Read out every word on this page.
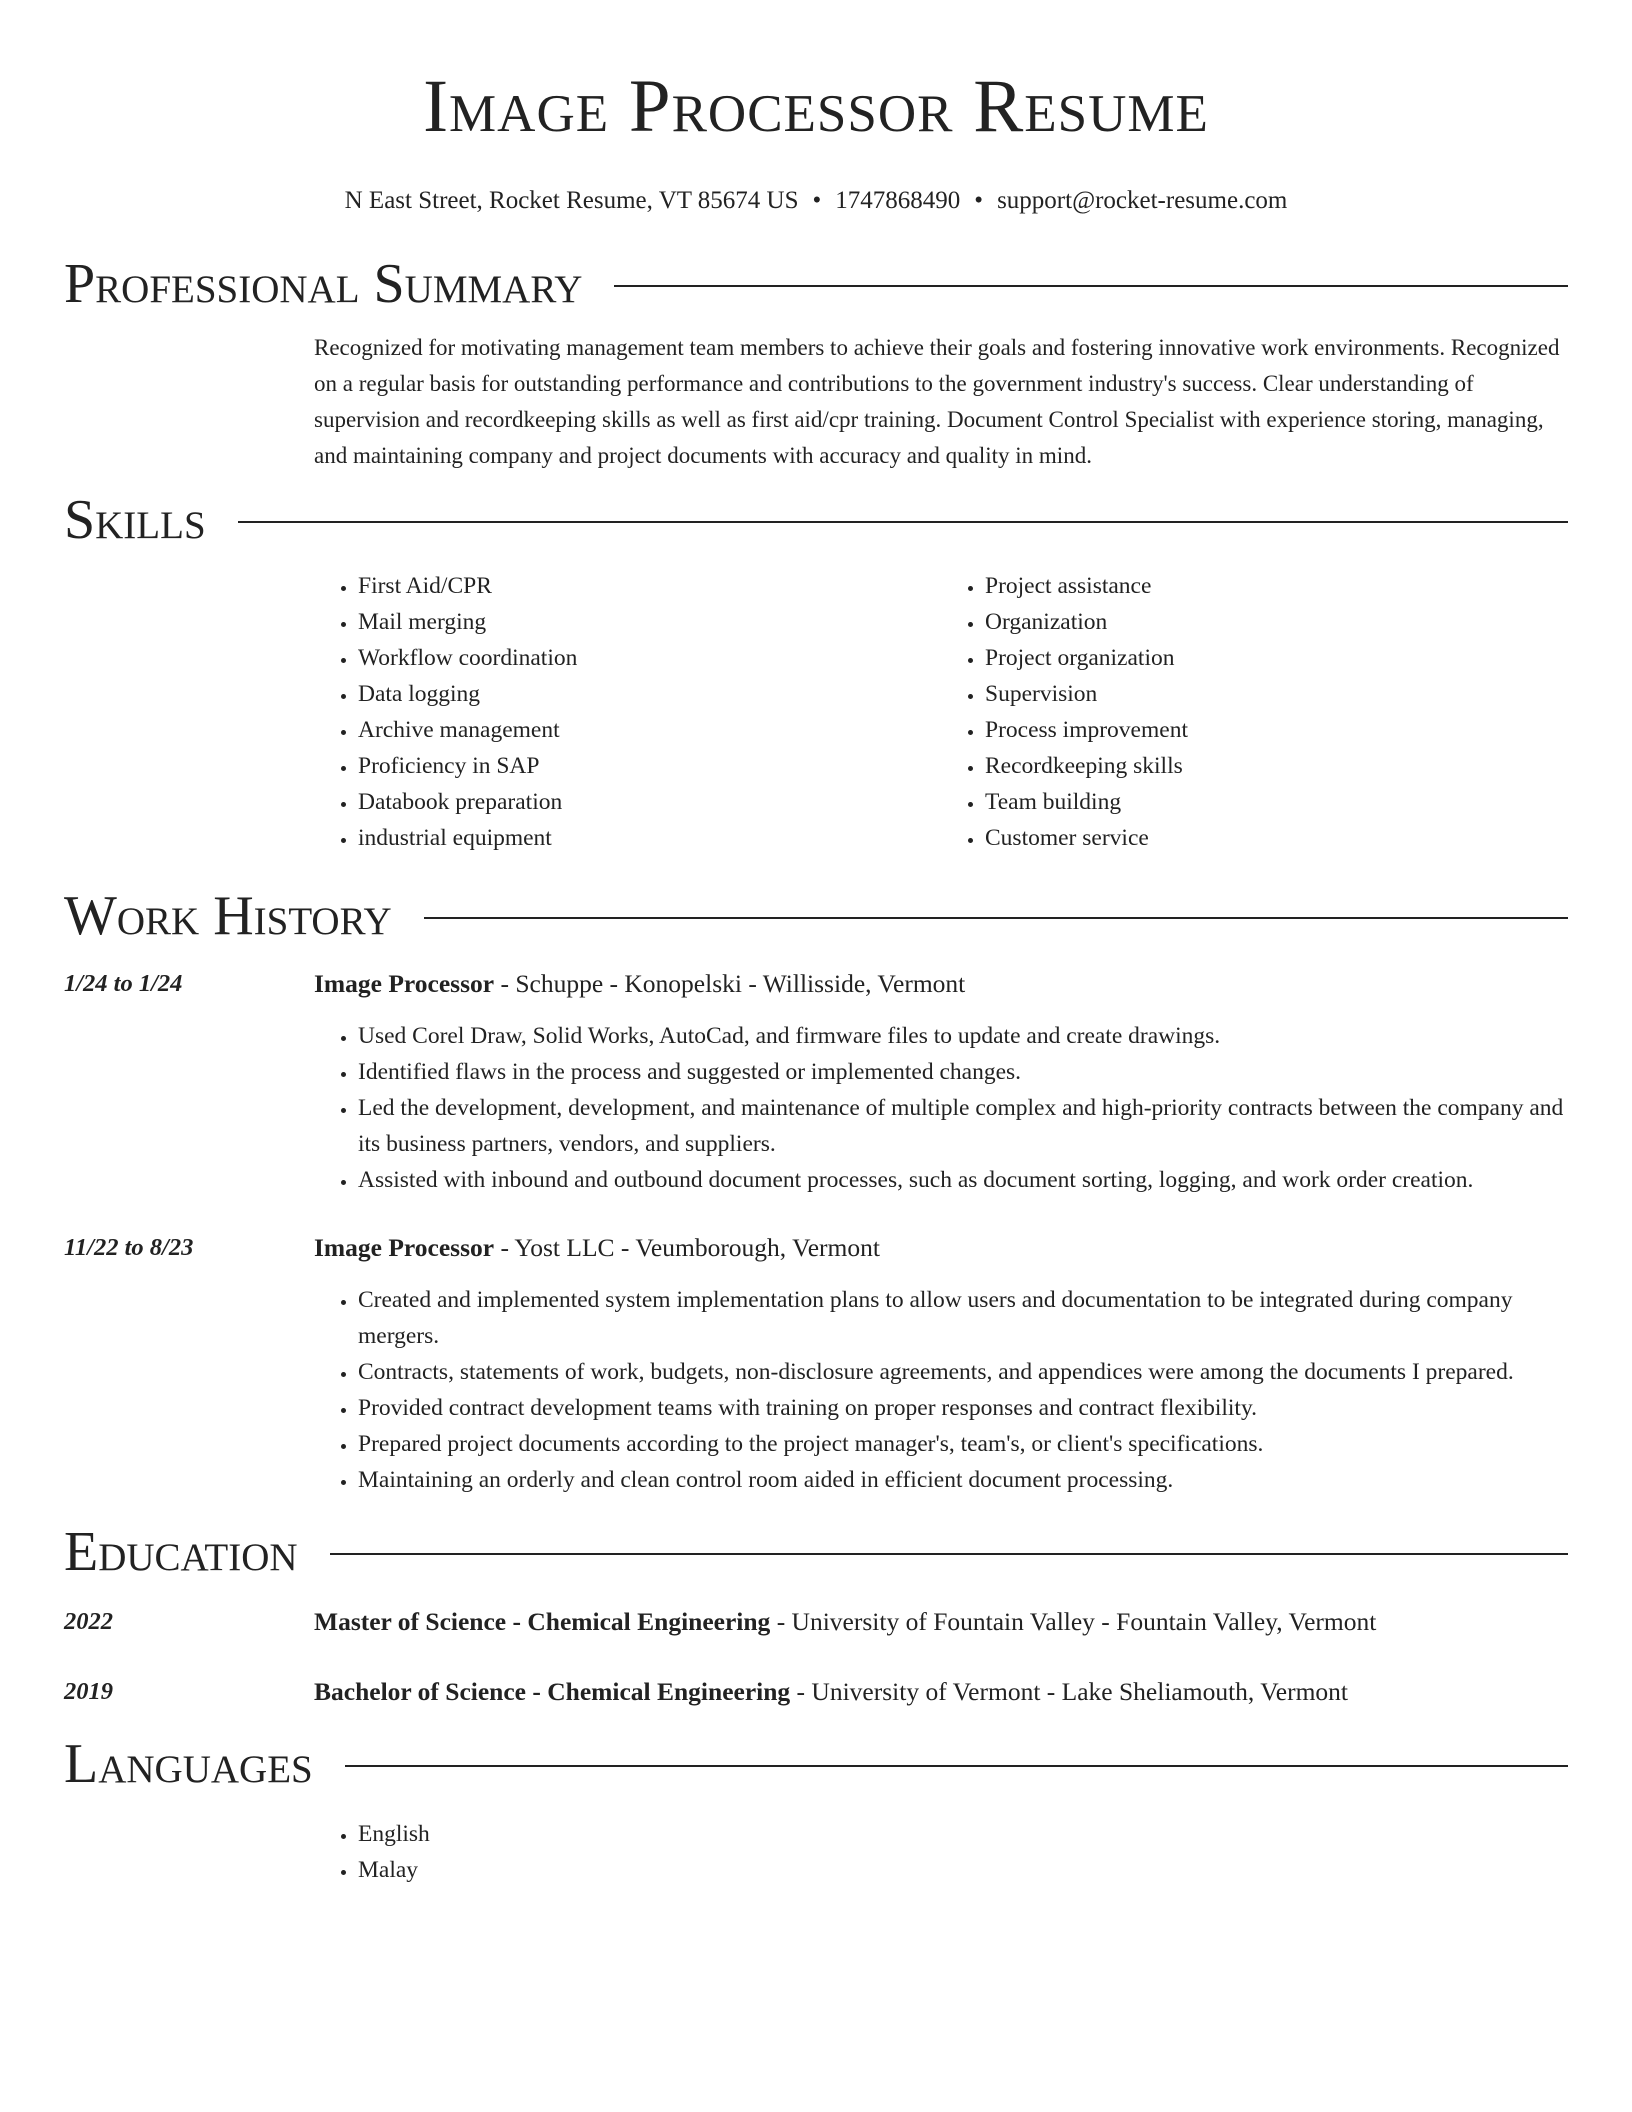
Image Processor Resume
N East Street, Rocket Resume, VT 85674 US • 1747868490 • support@rocket-resume.com
Professional Summary
Recognized for motivating management team members to achieve their goals and fostering innovative work environments. Recognized on a regular basis for outstanding performance and contributions to the government industry's success. Clear understanding of supervision and recordkeeping skills as well as first aid/cpr training. Document Control Specialist with experience storing, managing, and maintaining company and project documents with accuracy and quality in mind.
Skills
• First Aid/CPR
• Mail merging
• Workflow coordination
• Data logging
• Archive management
• Proficiency in SAP
• Databook preparation
• industrial equipment
• Project assistance
• Organization
• Project organization
• Supervision
• Process improvement
• Recordkeeping skills
• Team building
• Customer service
Work History
1/24 to 1/24	Image Processor - Schuppe - Konopelski - Willisside, Vermont
• Used Corel Draw, Solid Works, AutoCad, and firmware files to update and create drawings.
• Identified flaws in the process and suggested or implemented changes.
• Led the development, development, and maintenance of multiple complex and high-priority contracts between the company and its business partners, vendors, and suppliers.
• Assisted with inbound and outbound document processes, such as document sorting, logging, and work order creation.
11/22 to 8/23	Image Processor - Yost LLC - Veumborough, Vermont
• Created and implemented system implementation plans to allow users and documentation to be integrated during company mergers.
• Contracts, statements of work, budgets, non-disclosure agreements, and appendices were among the documents I prepared.
• Provided contract development teams with training on proper responses and contract flexibility.
• Prepared project documents according to the project manager's, team's, or client's specifications.
• Maintaining an orderly and clean control room aided in efficient document processing.
Education
2022	Master of Science - Chemical Engineering - University of Fountain Valley - Fountain Valley, Vermont
2019	Bachelor of Science - Chemical Engineering - University of Vermont - Lake Sheliamouth, Vermont
Languages
• English
• Malay
